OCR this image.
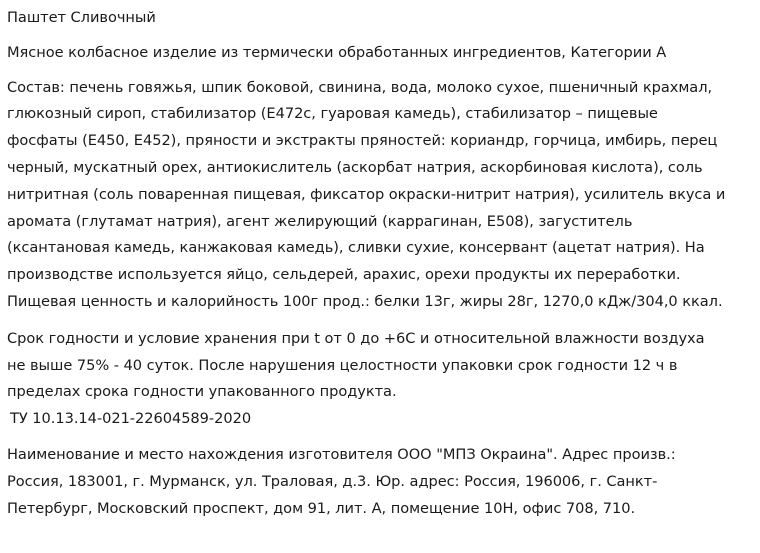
Паштет Сливочный

Мясное колбасное изделие из термически обработанных ингредиентов, Категории А

Состав: печень говяжья, шпик боковой, свинина, вода, молоко сухое, пшеничный крахмал,

глюкозный сироп, стабилизатор (Е472с, гуаровая камедь), стабилизатор – пищевые

фосфаты (Е450, Е452), пряности и экстракты пряностей: кориандр, горчица, имбирь, перец

черный, мускатный орех, антиокислитель (аскорбат натрия, аскорбиновая кислота), соль

нитритная (соль поваренная пищевая, фиксатор окраски-нитрит натрия), усилитель вкуса и

аромата (глутамат натрия), агент желирующий (каррагинан, Е508), загуститель

(ксантановая камедь, канжаковая камедь), сливки сухие, консервант (ацетат натрия). На

производстве используется яйцо, сельдерей, арахис, орехи продукты их переработки.

Пищевая ценность и калорийность 100г прод.: белки 13г, жиры 28г, 1270,0 кДж/304,0 ккал.

Срок годности и условие хранения при t от 0 до +6С и относительной влажности воздуха

не выше 75% - 40 суток. После нарушения целостности упаковки срок годности 12 ч в

пределах срока годности упакованного продукта.

ТУ 10.13.14-021-22604589-2020

Наименование и место нахождения изготовителя ООО "МПЗ Окраина". Адрес произв.:

Россия, 183001, г. Мурманск, ул. Траловая, д.3. Юр. адрес: Россия, 196006, г. Санкт-

Петербург, Московский проспект, дом 91, лит. А, помещение 10Н, офис 708, 710.
